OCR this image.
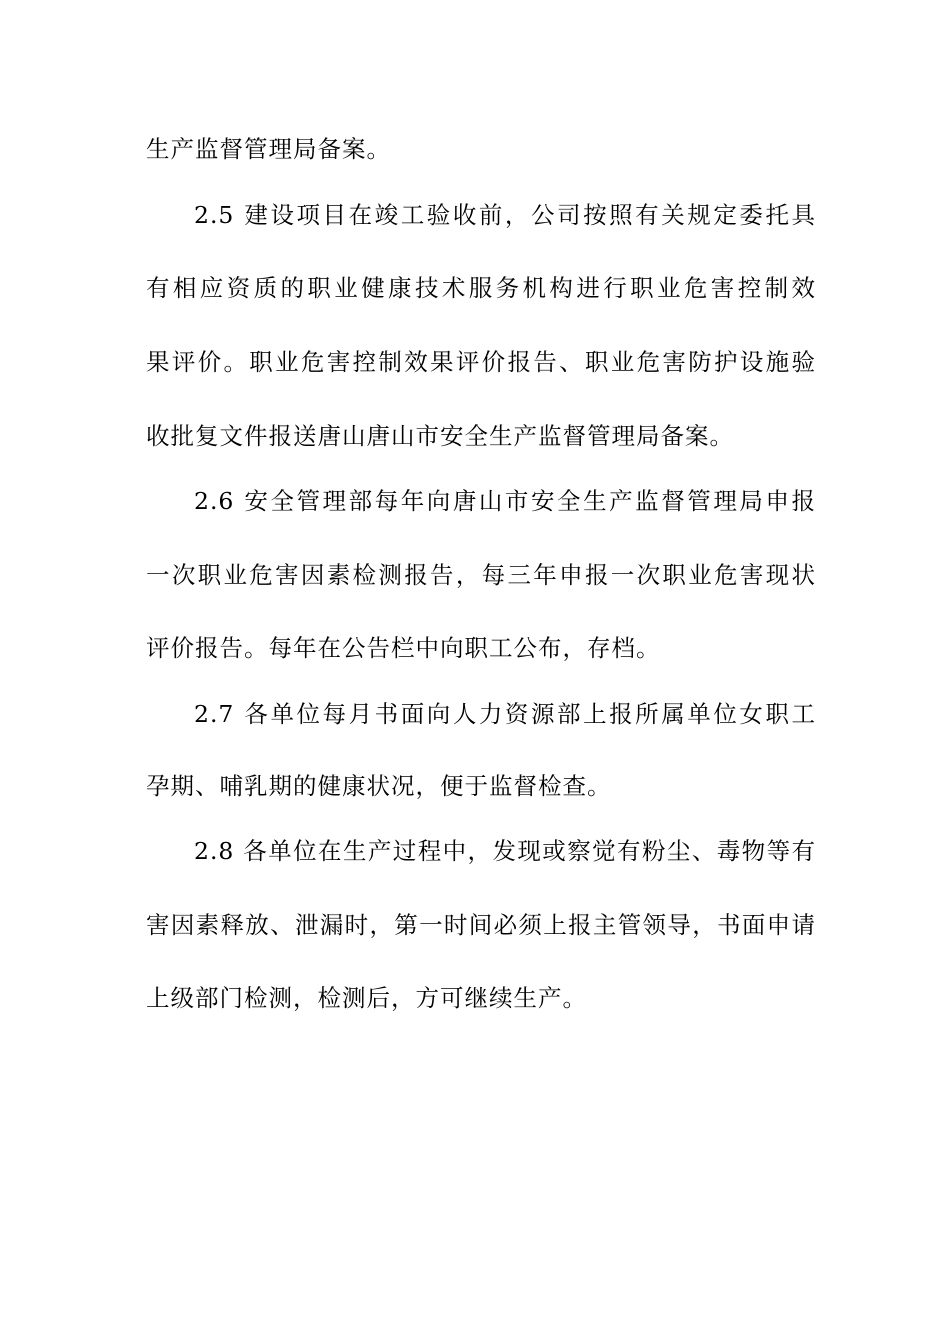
生产监督管理局备案。
2.5 建设项目在竣工验收前，公司按照有关规定委托具
有相应资质的职业健康技术服务机构进行职业危害控制效
果评价。职业危害控制效果评价报告、职业危害防护设施验
收批复文件报送唐山唐山市安全生产监督管理局备案。
2.6 安全管理部每年向唐山市安全生产监督管理局申报
一次职业危害因素检测报告，每三年申报一次职业危害现状
评价报告。每年在公告栏中向职工公布，存档。
2.7 各单位每月书面向人力资源部上报所属单位女职工
孕期、哺乳期的健康状况，便于监督检查。
2.8 各单位在生产过程中，发现或察觉有粉尘、毒物等有
害因素释放、泄漏时，第一时间必须上报主管领导，书面申请
上级部门检测，检测后，方可继续生产。
